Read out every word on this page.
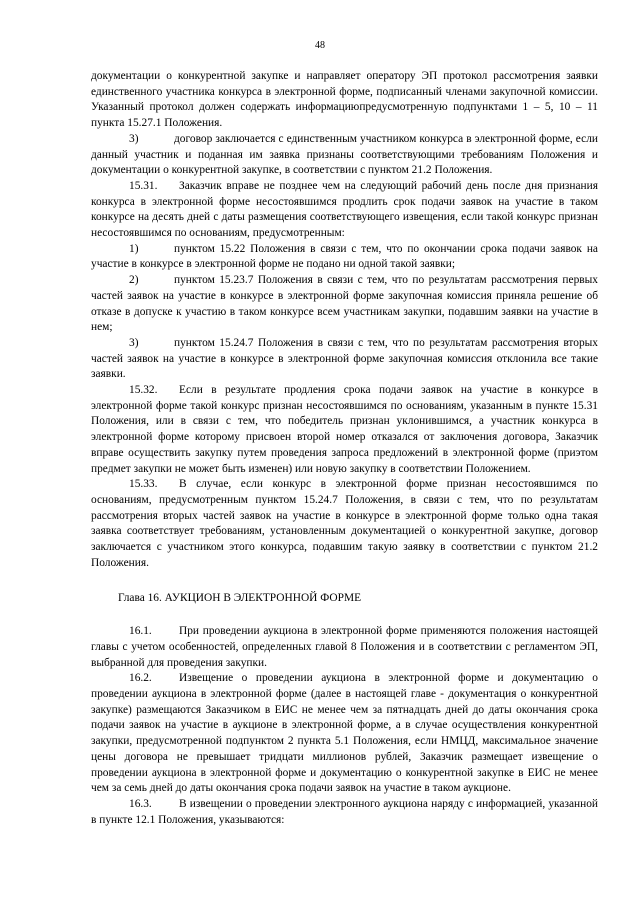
48

документации о конкурентной закупке и направляет оператору ЭП протокол рассмотрения заявки единственного участника конкурса в электронной форме, подписанный членами закупочной комиссии. Указанный протокол должен содержать информациюпредусмотренную подпунктами 1 – 5, 10 – 11 пункта 15.27.1 Положения.

3)	договор заключается с единственным участником конкурса в электронной форме, если данный участник и поданная им заявка признаны соответствующими требованиям Положения и документации о конкурентной закупке, в соответствии с пунктом 21.2 Положения.

15.31. Заказчик вправе не позднее чем на следующий рабочий день после дня признания конкурса в электронной форме несостоявшимся продлить срок подачи заявок на участие в таком конкурсе на десять дней с даты размещения соответствующего извещения, если такой конкурс признан несостоявшимся по основаниям, предусмотренным:

1)	пунктом 15.22 Положения в связи с тем, что по окончании срока подачи заявок на участие в конкурсе в электронной форме не подано ни одной такой заявки;

2)	пунктом 15.23.7 Положения в связи с тем, что по результатам рассмотрения первых частей заявок на участие в конкурсе в электронной форме закупочная комиссия приняла решение об отказе в допуске к участию в таком конкурсе всем участникам закупки, подавшим заявки на участие в нем;

3)	пунктом 15.24.7 Положения в связи с тем, что по результатам рассмотрения вторых частей заявок на участие в конкурсе в электронной форме закупочная комиссия отклонила все такие заявки.

15.32. Если в результате продления срока подачи заявок на участие в конкурсе в электронной форме такой конкурс признан несостоявшимся по основаниям, указанным в пункте 15.31 Положения, или в связи с тем, что победитель признан уклонившимся, а участник конкурса в электронной форме которому присвоен второй номер отказался от заключения договора, Заказчик вправе осуществить закупку путем проведения запроса предложений в электронной форме (приэтом предмет закупки не может быть изменен) или новую закупку в соответствии Положением.

15.33. В случае, если конкурс в электронной форме признан несостоявшимся по основаниям, предусмотренным пунктом 15.24.7 Положения, в связи с тем, что по результатам рассмотрения вторых частей заявок на участие в конкурсе в электронной форме только одна такая заявка соответствует требованиям, установленным документацией о конкурентной закупке, договор заключается с участником этого конкурса, подавшим такую заявку в соответствии с пунктом 21.2 Положения.

Глава 16. АУКЦИОН В ЭЛЕКТРОННОЙ ФОРМЕ

16.1. При проведении аукциона в электронной форме применяются положения настоящей главы с учетом особенностей, определенных главой 8 Положения и в соответствии с регламентом ЭП, выбранной для проведения закупки.

16.2. Извещение о проведении аукциона в электронной форме и документацию о проведении аукциона в электронной форме (далее в настоящей главе - документация о конкурентной закупке) размещаются Заказчиком в ЕИС не менее чем за пятнадцать дней до даты окончания срока подачи заявок на участие в аукционе в электронной форме, а в случае осуществления конкурентной закупки, предусмотренной подпунктом 2 пункта 5.1 Положения, если НМЦД, максимальное значение цены договора не превышает тридцати миллионов рублей, Заказчик размещает извещение о проведении аукциона в электронной форме и документацию о конкурентной закупке в ЕИС не менее чем за семь дней до даты окончания срока подачи заявок на участие в таком аукционе.

16.3. В извещении о проведении электронного аукциона наряду с информацией, указанной в пункте 12.1 Положения, указываются:
